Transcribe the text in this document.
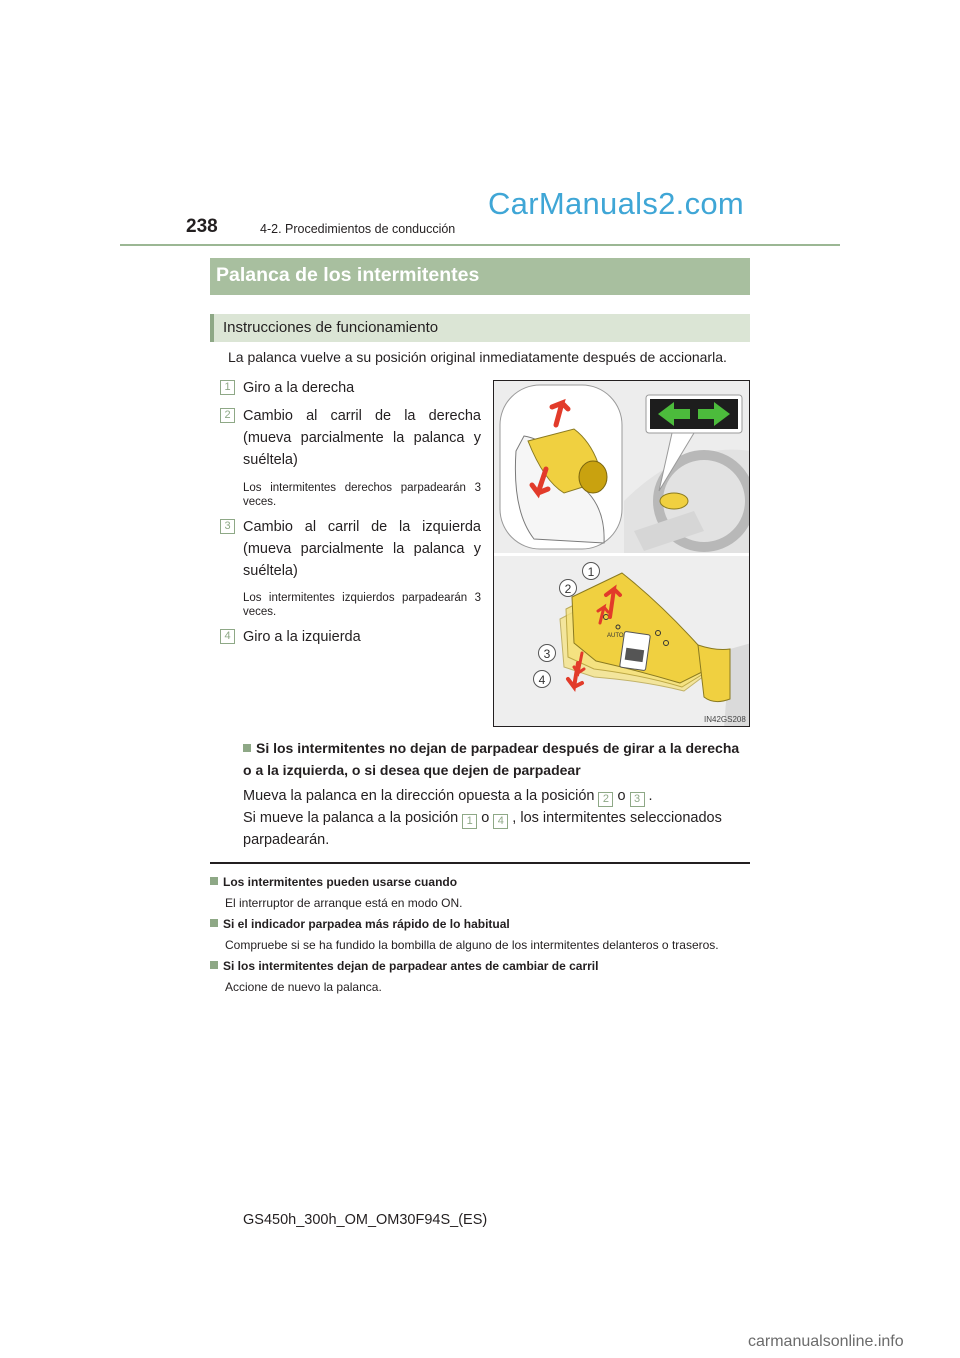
238	4-2. Procedimientos de conducción
CarManuals2.com
Palanca de los intermitentes
Instrucciones de funcionamiento
La palanca vuelve a su posición original inmediatamente después de accionarla.
1 Giro a la derecha
2 Cambio al carril de la derecha (mueva parcialmente la palanca y suéltela)
Los intermitentes derechos parpadearán 3 veces.
3 Cambio al carril de la izquierda (mueva parcialmente la palanca y suéltela)
Los intermitentes izquierdos parpadearán 3 veces.
4 Giro a la izquierda	AUTO
1
2
3
4
IN42GS208
Si los intermitentes no dejan de parpadear después de girar a la derecha o a la izquierda, o si desea que dejen de parpadear
Mueva la palanca en la dirección opuesta a la posición 2 o 3 .
Si mueve la palanca a la posición 1 o 4 , los intermitentes seleccionados
parpadearán.
Los intermitentes pueden usarse cuando
El interruptor de arranque está en modo ON.
Si el indicador parpadea más rápido de lo habitual
Compruebe si se ha fundido la bombilla de alguno de los intermitentes delanteros o traseros.
Si los intermitentes dejan de parpadear antes de cambiar de carril
Accione de nuevo la palanca.
GS450h_300h_OM_OM30F94S_(ES)
carmanualsonline.info
